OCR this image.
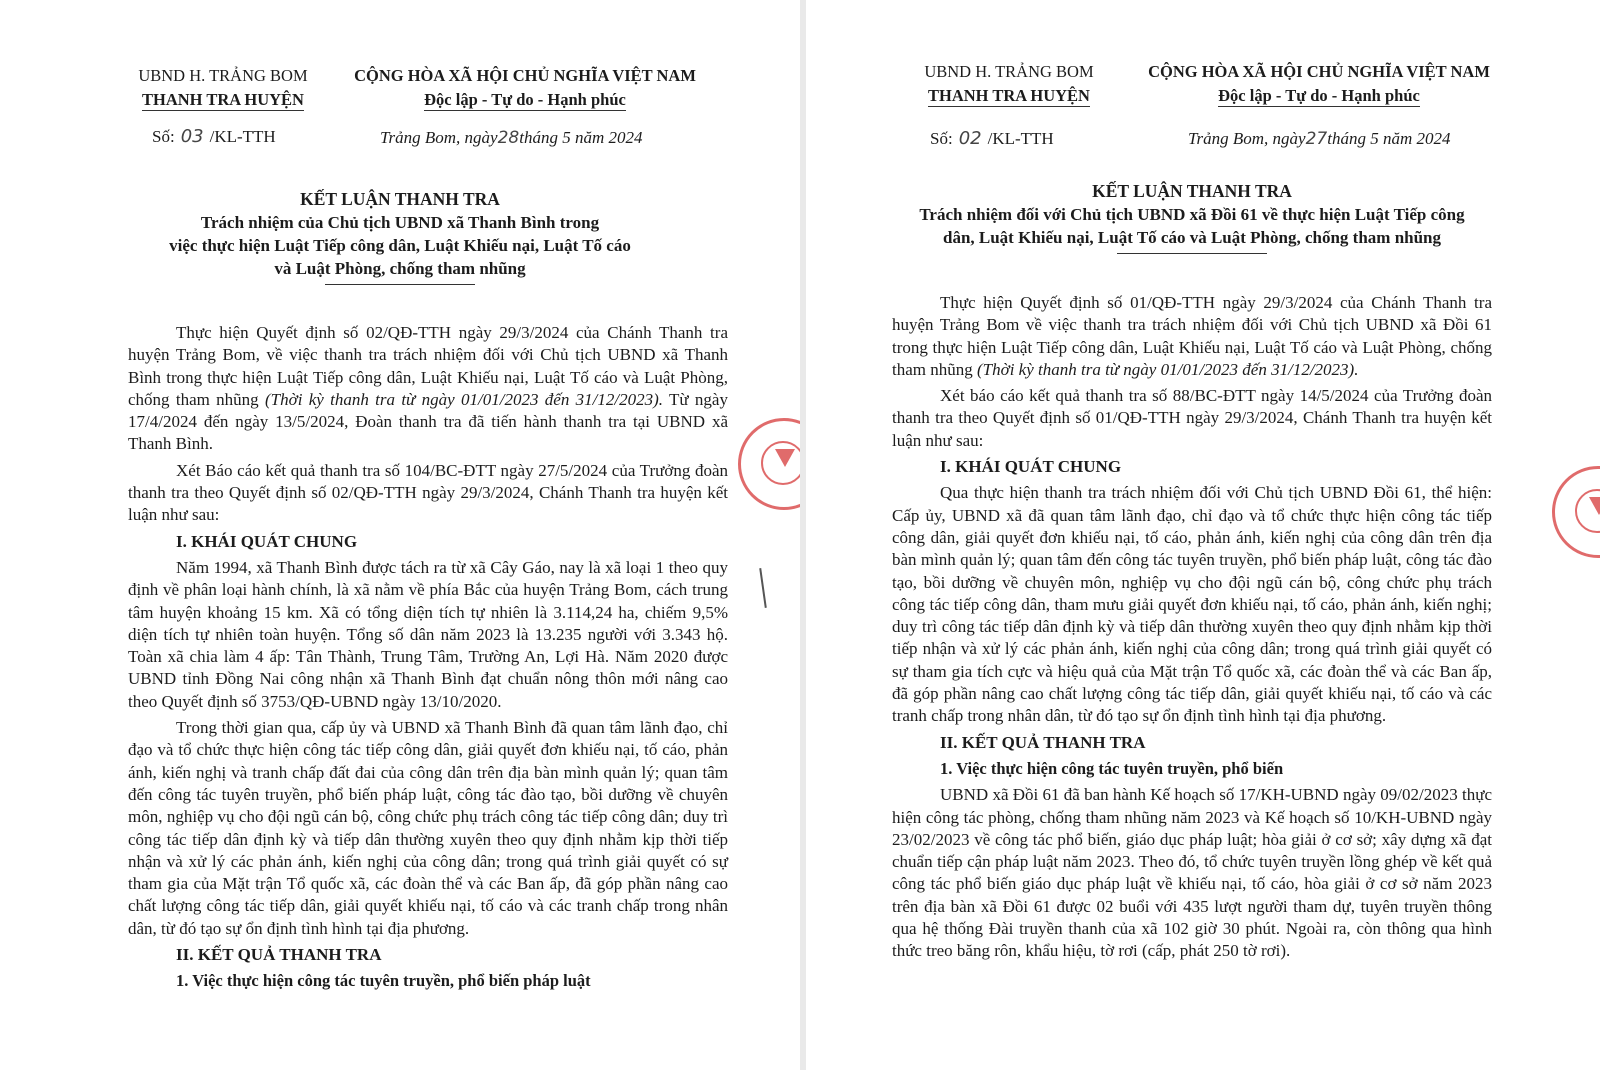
UBND H. TRẢNG BOM
THANH TRA HUYỆN
CỘNG HÒA XÃ HỘI CHỦ NGHĨA VIỆT NAM
Độc lập - Tự do - Hạnh phúc
Số: 03 /KL-TTH	Trảng Bom, ngày28tháng 5 năm 2024
KẾT LUẬN THANH TRA
Trách nhiệm của Chủ tịch UBND xã Thanh Bình trong
việc thực hiện Luật Tiếp công dân, Luật Khiếu nại, Luật Tố cáo
và Luật Phòng, chống tham nhũng

Thực hiện Quyết định số 02/QĐ-TTH ngày 29/3/2024 của Chánh Thanh tra huyện Trảng Bom, về việc thanh tra trách nhiệm đối với Chủ tịch UBND xã Thanh Bình trong thực hiện Luật Tiếp công dân, Luật Khiếu nại, Luật Tố cáo và Luật Phòng, chống tham nhũng (Thời kỳ thanh tra từ ngày 01/01/2023 đến 31/12/2023). Từ ngày 17/4/2024 đến ngày 13/5/2024, Đoàn thanh tra đã tiến hành thanh tra tại UBND xã Thanh Bình.

Xét Báo cáo kết quả thanh tra số 104/BC-ĐTT ngày 27/5/2024 của Trưởng đoàn thanh tra theo Quyết định số 02/QĐ-TTH ngày 29/3/2024, Chánh Thanh tra huyện kết luận như sau:

I. KHÁI QUÁT CHUNG

Năm 1994, xã Thanh Bình được tách ra từ xã Cây Gáo, nay là xã loại 1 theo quy định về phân loại hành chính, là xã nằm về phía Bắc của huyện Trảng Bom, cách trung tâm huyện khoảng 15 km. Xã có tổng diện tích tự nhiên là 3.114,24 ha, chiếm 9,5% diện tích tự nhiên toàn huyện. Tổng số dân năm 2023 là 13.235 người với 3.343 hộ. Toàn xã chia làm 4 ấp: Tân Thành, Trung Tâm, Trường An, Lợi Hà. Năm 2020 được UBND tỉnh Đồng Nai công nhận xã Thanh Bình đạt chuẩn nông thôn mới nâng cao theo Quyết định số 3753/QĐ-UBND ngày 13/10/2020.

Trong thời gian qua, cấp ủy và UBND xã Thanh Bình đã quan tâm lãnh đạo, chỉ đạo và tổ chức thực hiện công tác tiếp công dân, giải quyết đơn khiếu nại, tố cáo, phản ánh, kiến nghị và tranh chấp đất đai của công dân trên địa bàn mình quản lý; quan tâm đến công tác tuyên truyền, phổ biến pháp luật, công tác đào tạo, bồi dưỡng về chuyên môn, nghiệp vụ cho đội ngũ cán bộ, công chức phụ trách công tác tiếp công dân; duy trì công tác tiếp dân định kỳ và tiếp dân thường xuyên theo quy định nhằm kịp thời tiếp nhận và xử lý các phản ánh, kiến nghị của công dân; trong quá trình giải quyết có sự tham gia của Mặt trận Tổ quốc xã, các đoàn thể và các Ban ấp, đã góp phần nâng cao chất lượng công tác tiếp dân, giải quyết khiếu nại, tố cáo và các tranh chấp trong nhân dân, từ đó tạo sự ổn định tình hình tại địa phương.

II. KẾT QUẢ THANH TRA

1. Việc thực hiện công tác tuyên truyền, phổ biến pháp luật

UBND H. TRẢNG BOM
THANH TRA HUYỆN
CỘNG HÒA XÃ HỘI CHỦ NGHĨA VIỆT NAM
Độc lập - Tự do - Hạnh phúc
Số: 02 /KL-TTH	Trảng Bom, ngày27tháng 5 năm 2024
KẾT LUẬN THANH TRA
Trách nhiệm đối với Chủ tịch UBND xã Đồi 61 về thực hiện Luật Tiếp công
dân, Luật Khiếu nại, Luật Tố cáo và Luật Phòng, chống tham nhũng

Thực hiện Quyết định số 01/QĐ-TTH ngày 29/3/2024 của Chánh Thanh tra huyện Trảng Bom về việc thanh tra trách nhiệm đối với Chủ tịch UBND xã Đồi 61 trong thực hiện Luật Tiếp công dân, Luật Khiếu nại, Luật Tố cáo và Luật Phòng, chống tham nhũng (Thời kỳ thanh tra từ ngày 01/01/2023 đến 31/12/2023).

Xét báo cáo kết quả thanh tra số 88/BC-ĐTT ngày 14/5/2024 của Trưởng đoàn thanh tra theo Quyết định số 01/QĐ-TTH ngày 29/3/2024, Chánh Thanh tra huyện kết luận như sau:

I. KHÁI QUÁT CHUNG

Qua thực hiện thanh tra trách nhiệm đối với Chủ tịch UBND Đồi 61, thể hiện: Cấp ủy, UBND xã đã quan tâm lãnh đạo, chỉ đạo và tổ chức thực hiện công tác tiếp công dân, giải quyết đơn khiếu nại, tố cáo, phản ánh, kiến nghị của công dân trên địa bàn mình quản lý; quan tâm đến công tác tuyên truyền, phổ biến pháp luật, công tác đào tạo, bồi dưỡng về chuyên môn, nghiệp vụ cho đội ngũ cán bộ, công chức phụ trách công tác tiếp công dân, tham mưu giải quyết đơn khiếu nại, tố cáo, phản ánh, kiến nghị; duy trì công tác tiếp dân định kỳ và tiếp dân thường xuyên theo quy định nhằm kịp thời tiếp nhận và xử lý các phản ánh, kiến nghị của công dân; trong quá trình giải quyết có sự tham gia tích cực và hiệu quả của Mặt trận Tổ quốc xã, các đoàn thể và các Ban ấp, đã góp phần nâng cao chất lượng công tác tiếp dân, giải quyết khiếu nại, tố cáo và các tranh chấp trong nhân dân, từ đó tạo sự ổn định tình hình tại địa phương.

II. KẾT QUẢ THANH TRA

1. Việc thực hiện công tác tuyên truyền, phổ biến

UBND xã Đồi 61 đã ban hành Kế hoạch số 17/KH-UBND ngày 09/02/2023 thực hiện công tác phòng, chống tham nhũng năm 2023 và Kế hoạch số 10/KH-UBND ngày 23/02/2023 về công tác phổ biến, giáo dục pháp luật; hòa giải ở cơ sở; xây dựng xã đạt chuẩn tiếp cận pháp luật năm 2023. Theo đó, tổ chức tuyên truyền lồng ghép về kết quả công tác phổ biến giáo dục pháp luật về khiếu nại, tố cáo, hòa giải ở cơ sở năm 2023 trên địa bàn xã Đồi 61 được 02 buổi với 435 lượt người tham dự, tuyên truyền thông qua hệ thống Đài truyền thanh của xã 102 giờ 30 phút. Ngoài ra, còn thông qua hình thức treo băng rôn, khẩu hiệu, tờ rơi (cấp, phát 250 tờ rơi).
